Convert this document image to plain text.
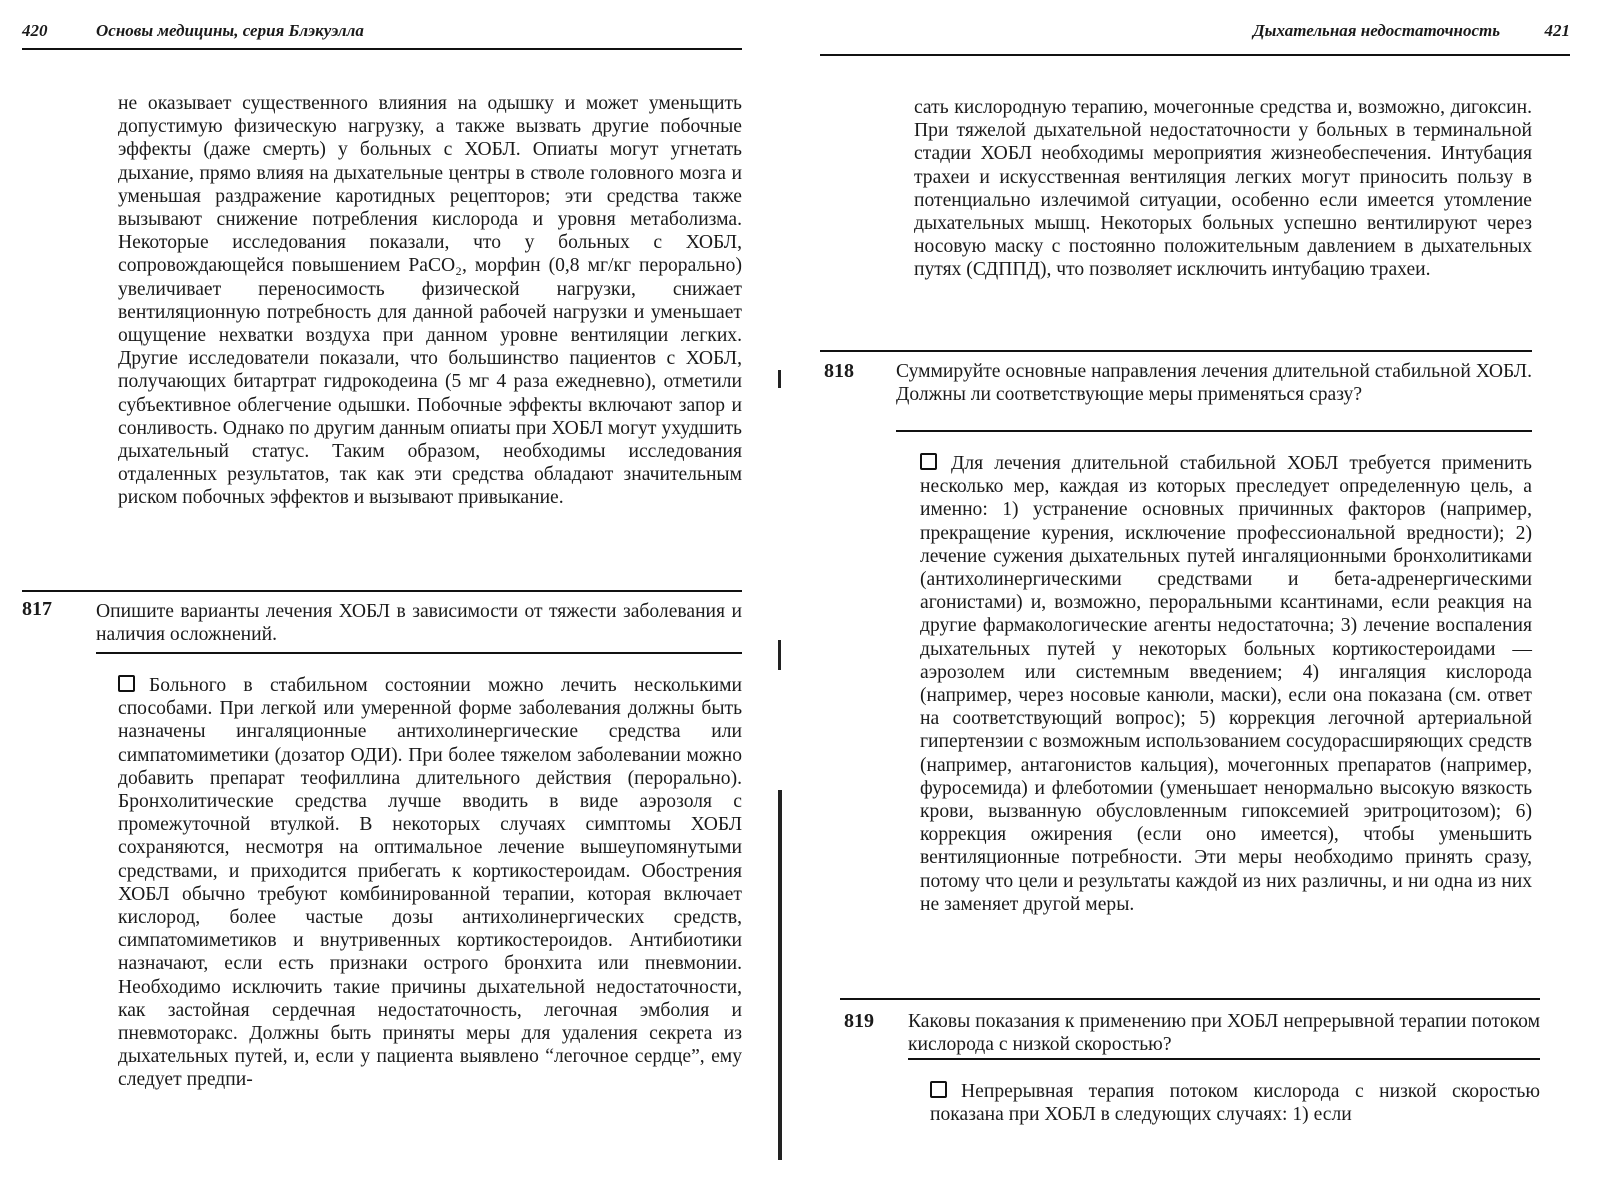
420	Основы медицины, серия Блэкуэлла

не оказывает существенного влияния на одышку и может уменьщить допустимую физическую нагрузку, а также вызвать другие побочные эффекты (даже смерть) у больных с ХОБЛ. Опиаты могут угнетать дыхание, прямо влияя на дыхательные центры в стволе головного мозга и уменьшая раздражение каротидных рецепторов; эти средства также вызывают снижение потребления кислорода и уровня метаболизма. Некоторые исследования показали, что у больных с ХОБЛ, сопровождающейся повышением PaCO₂, морфин (0,8 мг/кг перорально) увеличивает переносимость физической нагрузки, снижает вентиляционную потребность для данной рабочей нагрузки и уменьшает ощущение нехватки воздуха при данном уровне вентиляции легких. Другие исследователи показали, что большинство пациентов с ХОБЛ, получающих битартрат гидрокодеина (5 мг 4 раза ежедневно), отметили субъективное облегчение одышки. Побочные эффекты включают запор и сонливость. Однако по другим данным опиаты при ХОБЛ могут ухудшить дыхательный статус. Таким образом, необходимы исследования отдаленных результатов, так как эти средства обладают значительным риском побочных эффектов и вызывают привыкание.

817 Опишите варианты лечения ХОБЛ в зависимости от тяжести заболевания и наличия осложнений.

Больного в стабильном состоянии можно лечить несколькими способами. При легкой или умеренной форме заболевания должны быть назначены ингаляционные антихолинергические средства или симпатомиметики (дозатор ОДИ). При более тяжелом заболевании можно добавить препарат теофиллина длительного действия (перорально). Бронхолитические средства лучше вводить в виде аэрозоля с промежуточной втулкой. В некоторых случаях симптомы ХОБЛ сохраняются, несмотря на оптимальное лечение вышеупомянутыми средствами, и приходится прибегать к кортикостероидам. Обострения ХОБЛ обычно требуют комбинированной терапии, которая включает кислород, более частые дозы антихолинергических средств, симпатомиметиков и внутривенных кортикостероидов. Антибиотики назначают, если есть признаки острого бронхита или пневмонии. Необходимо исключить такие причины дыхательной недостаточности, как застойная сердечная недостаточность, легочная эмболия и пневмоторакс. Должны быть приняты меры для удаления секрета из дыхательных путей, и, если у пациента выявлено “легочное сердце”, ему следует предпи-

Дыхательная недостаточность	421

сать кислородную терапию, мочегонные средства и, возможно, дигоксин. При тяжелой дыхательной недостаточности у больных в терминальной стадии ХОБЛ необходимы мероприятия жизнеобеспечения. Интубация трахеи и искусственная вентиляция легких могут приносить пользу в потенциально излечимой ситуации, особенно если имеется утомление дыхательных мышц. Некоторых больных успешно вентилируют через носовую маску с постоянно положительным давлением в дыхательных путях (СДППД), что позволяет исключить интубацию трахеи.

818 Суммируйте основные направления лечения длительной стабильной ХОБЛ. Должны ли соответствующие меры применяться сразу?

Для лечения длительной стабильной ХОБЛ требуется применить несколько мер, каждая из которых преследует определенную цель, а именно: 1) устранение основных причинных факторов (например, прекращение курения, исключение профессиональной вредности); 2) лечение сужения дыхательных путей ингаляционными бронхолитиками (антихолинергическими средствами и бета-адренергическими агонистами) и, возможно, пероральными ксантинами, если реакция на другие фармакологические агенты недостаточна; 3) лечение воспаления дыхательных путей у некоторых больных кортикостероидами — аэрозолем или системным введением; 4) ингаляция кислорода (например, через носовые канюли, маски), если она показана (см. ответ на соответствующий вопрос); 5) коррекция легочной артериальной гипертензии с возможным использованием сосудорасширяющих средств (например, антагонистов кальция), мочегонных препаратов (например, фуросемида) и флеботомии (уменьшает ненормально высокую вязкость крови, вызванную обусловленным гипоксемией эритроцитозом); 6) коррекция ожирения (если оно имеется), чтобы уменьшить вентиляционные потребности. Эти меры необходимо принять сразу, потому что цели и результаты каждой из них различны, и ни одна из них не заменяет другой меры.

819 Каковы показания к применению при ХОБЛ непрерывной терапии потоком кислорода с низкой скоростью?

Непрерывная терапия потоком кислорода с низкой скоростью показана при ХОБЛ в следующих случаях: 1) если
